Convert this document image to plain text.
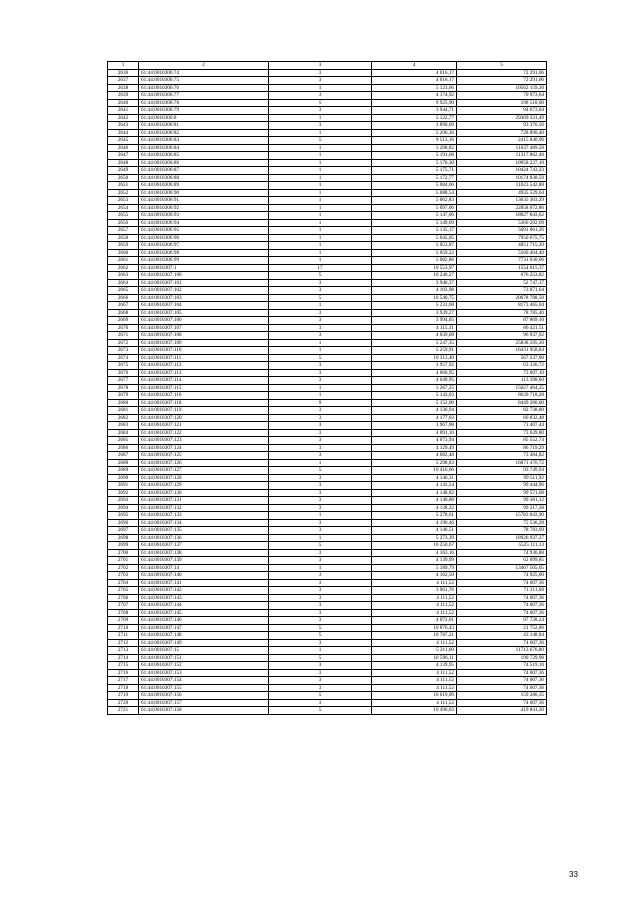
1	2	3	4	5
2636	61:44:0010306:74	3	4 016,17	72 291,06
2637	61:44:0010306:75	3	4 016,17	72 291,06
2638	61:44:0010306:76	1	5 123,66	10562 159,20
2639	61:44:0010306:77	3	4 174,92	70 973,64
2640	61:44:0010306:78	5	9 925,90	198 518,00
2641	61:44:0010306:79	3	3 944,71	94 673,04
2642	61:44:0010306:8	1	5 122,77	29369 331,49
2643	61:44:0010306:81	3	3 890,69	93 376,56
2644	61:44:0010306:82	1	5 206,36	728 890,40
2645	61:44:0010306:83	5	9 513,16	2415 840,96
2646	61:44:0010306:84	1	5 208,82	11037 489,58
2647	61:44:0010306:85	1	5 191,68	11317 862,40
2648	61:44:0010306:86	1	5 176,30	10958 227,10
2649	61:44:0010306:87	1	5 175,71	10424 743,23
2650	61:44:0010306:88	1	5 172,77	10174 838,59
2651	61:44:0010306:89	1	5 084,66	11023 542,88
2652	61:44:0010306:90	1	5 088,54	4935 529,64
2653	61:44:0010306:91	1	5 062,83	13635 303,29
2654	61:44:0010306:92	1	5 097,06	22858 072,86
2655	61:44:0010306:93	1	5 147,66	18027 843,62
2656	61:44:0010306:94	1	5 149,09	5360 202,69
2657	61:44:0010306:95	1	5 135,17	5691 061,26
2658	61:44:0010306:96	1	5 045,05	7950 675,75
2659	61:44:0010306:97	1	5 053,87	4851 715,20
2660	61:44:0010306:98	1	5 059,22	5160 404,40
2661	61:44:0010306:99	1	5 082,86	7731 030,06
2662	61:44:0010307:1	17	10 553,97	1554 015,37
2663	61:44:0010307:100	5	10 246,27	676 253,82
2664	61:44:0010307:101	3	3 940,37	52 747,37
2665	61:44:0010307:102	3	4 103,98	73 871,64
2666	61:44:0010307:103	5	10 540,75	20678 788,50
2667	61:44:0010307:104	1	5 231,68	8173 465,04
2668	61:44:0010307:105	3	3 939,27	78 785,40
2669	61:44:0010307:106	3	3 994,05	87 869,10
2670	61:44:0010307:107	3	4 115,31	86 421,51
2671	61:44:0010307:108	3	4 039,08	96 937,92
2672	61:44:0010307:109	1	5 247,35	25838 595,20
2673	61:44:0010307:110	1	5 259,91	16431 958,84
2674	61:44:0010307:111	5	10 313,40	567 237,00
2675	61:44:0010307:112	3	3 957,92	63 326,72
2676	61:44:0010307:113	3	4 060,95	73 097,10
2677	61:44:0010307:114	3	4 049,95	113 398,60
2678	61:44:0010307:115	1	5 267,25	15027 464,25
2679	61:44:0010307:116	1	5 143,03	8639 718,28
2680	61:44:0010307:118	9	5 152,00	8449 280,00
2681	61:44:0010307:119	3	4 136,94	82 738,80
2682	61:44:0010307:120	3	4 177,03	66 832,48
2683	61:44:0010307:121	3	3 967,08	71 407,44
2684	61:44:0010307:122	3	4 091,10	73 639,80
2685	61:44:0010307:123	3	4 073,94	85 552,74
2686	61:44:0010307:124	3	4 129,49	86 719,29
2687	61:44:0010307:125	3	4 082,48	73 484,82
2688	61:44:0010307:126	1	5 298,83	16871 476,72
2689	61:44:0010307:127	5	10 416,66	93 749,94
2690	61:44:0010307:128	3	4 146,31	99 511,92
2691	61:44:0010307:129	3	4 143,54	99 444,96
2692	61:44:0010307:130	3	4 148,82	99 571,68
2693	61:44:0010307:131	3	4 140,88	99 381,12
2694	61:44:0010307:132	3	4 138,22	99 317,28
2695	61:44:0010307:133	1	5 278,61	15783 043,90
2696	61:44:0010307:134	3	4 196,46	75 536,28
2697	61:44:0010307:135	3	4 146,51	78 783,69
2698	61:44:0010307:136	1	5 273,39	18926 937,27
2699	61:44:0010307:137	5	10 250,67	5525 111,13
2700	61:44:0010307:138	3	4 163,16	74 936,88
2701	61:44:0010307:139	3	4 139,99	62 099,85
2702	61:44:0010307:14	1	5 189,79	13467 505,05
2703	61:44:0010307:140	3	4 162,50	74 925,00
2704	61:44:0010307:141	3	4 111,52	74 007,36
2705	61:44:0010307:142	3	3 961,76	71 311,68
2706	61:44:0010307:143	3	4 111,52	74 007,36
2707	61:44:0010307:144	3	4 111,52	74 007,36
2708	61:44:0010307:145	3	4 111,52	74 007,36
2709	61:44:0010307:146	3	4 072,01	97 728,24
2710	61:44:0010307:147	5	10 876,43	21 752,86
2711	61:44:0010307:148	5	10 787,21	43 148,84
2712	61:44:0010307:149	3	4 111,52	74 007,36
2713	61:44:0010307:15	1	5 211,60	11713 676,80
2714	61:44:0010307:151	5	10 596,11	190 729,98
2715	61:44:0010307:152	3	4 139,95	74 519,10
2716	61:44:0010307:153	3	4 111,52	74 007,36
2717	61:44:0010307:154	3	4 111,52	74 007,36
2718	61:44:0010307:155	3	4 111,52	74 007,36
2719	61:44:0010307:156	5	10 619,09	159 286,35
2720	61:44:0010307:157	3	4 111,52	74 007,36
2721	61:44:0010307:158	5	10 496,03	419 841,20
33
